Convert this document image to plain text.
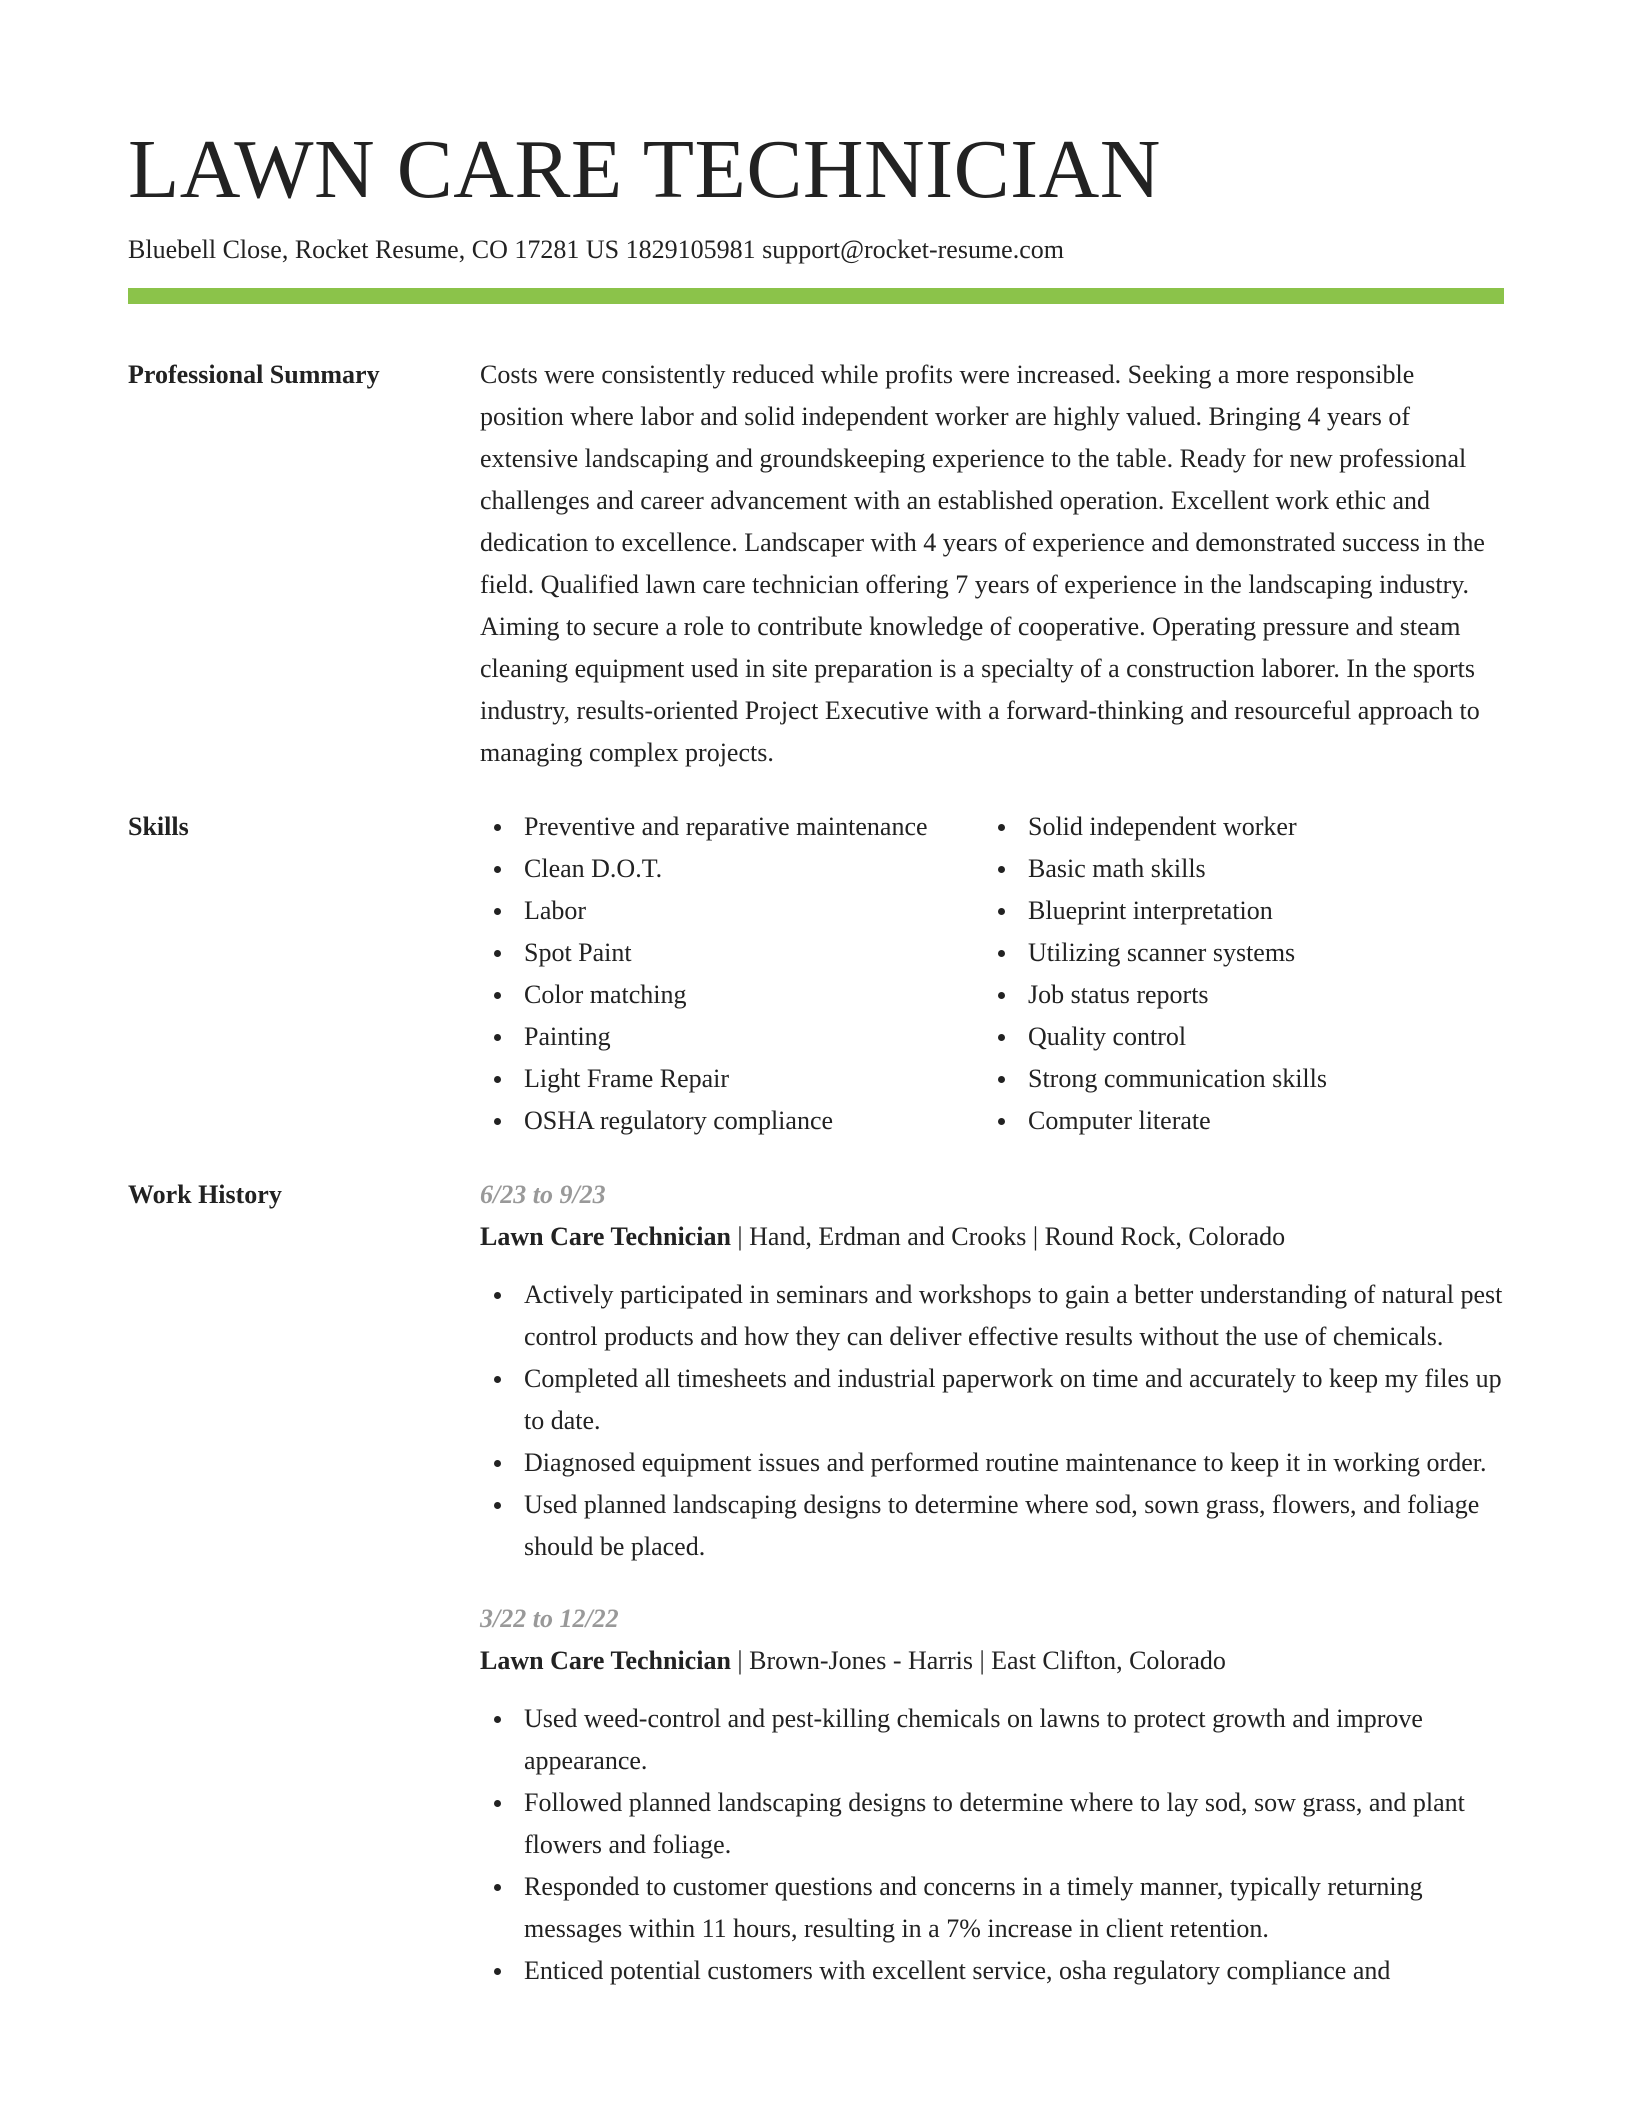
LAWN CARE TECHNICIAN
Bluebell Close, Rocket Resume, CO 17281 US 1829105981 support@rocket-resume.com
Professional Summary	Costs were consistently reduced while profits were increased. Seeking a more responsible position where labor and solid independent worker are highly valued. Bringing 4 years of extensive landscaping and groundskeeping experience to the table. Ready for new professional challenges and career advancement with an established operation. Excellent work ethic and dedication to excellence. Landscaper with 4 years of experience and demonstrated success in the field. Qualified lawn care technician offering 7 years of experience in the landscaping industry. Aiming to secure a role to contribute knowledge of cooperative. Operating pressure and steam cleaning equipment used in site preparation is a specialty of a construction laborer. In the sports industry, results-oriented Project Executive with a forward-thinking and resourceful approach to managing complex projects.

Skills	Preventive and reparative maintenance
Clean D.O.T.
Labor
Spot Paint
Color matching
Painting
Light Frame Repair
OSHA regulatory compliance
Solid independent worker
Basic math skills
Blueprint interpretation
Utilizing scanner systems
Job status reports
Quality control
Strong communication skills
Computer literate
Work History	6/23 to 9/23
Lawn Care Technician | Hand, Erdman and Crooks | Round Rock, Colorado
Actively participated in seminars and workshops to gain a better understanding of natural pest control products and how they can deliver effective results without the use of chemicals.
Completed all timesheets and industrial paperwork on time and accurately to keep my files up to date.
Diagnosed equipment issues and performed routine maintenance to keep it in working order.
Used planned landscaping designs to determine where sod, sown grass, flowers, and foliage should be placed.
3/22 to 12/22
Lawn Care Technician | Brown-Jones - Harris | East Clifton, Colorado
Used weed-control and pest-killing chemicals on lawns to protect growth and improve appearance.
Followed planned landscaping designs to determine where to lay sod, sow grass, and plant flowers and foliage.
Responded to customer questions and concerns in a timely manner, typically returning messages within 11 hours, resulting in a 7% increase in client retention.
Enticed potential customers with excellent service, osha regulatory compliance and
